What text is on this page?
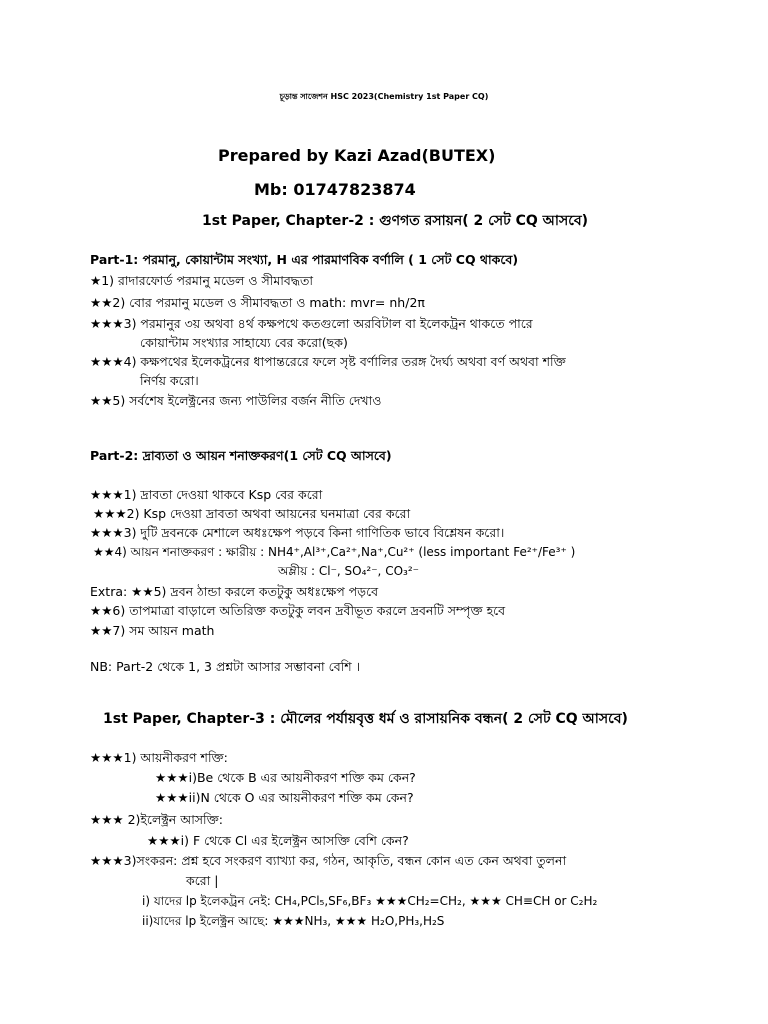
চূড়ান্ত সাজেশন HSC 2023(Chemistry 1st Paper CQ)
Prepared by Kazi Azad(BUTEX)
Mb: 01747823874
1st Paper, Chapter-2 : গুণগত রসায়ন( 2 সেট CQ আসবে)
Part-1: পরমানু, কোয়ান্টাম সংখ্যা, H এর পারমাণবিক বর্ণালি ( 1 সেট CQ থাকবে)
★1) রাদারফোর্ড পরমানু মডেল ও সীমাবদ্ধতা
★★2) বোর পরমানু মডেল ও সীমাবদ্ধতা ও math: mvr= nh/2π
★★★3) পরমানুর ৩য় অথবা ৪র্থ কক্ষপথে কতগুলো অরবিটাল বা ইলেকট্রন থাকতে পারে
কোয়ান্টাম সংখ্যার সাহায্যে বের করো(ছক)
★★★4) কক্ষপথের ইলেকট্রনের ধাপান্তরেরে ফলে সৃষ্ট বর্ণালির তরঙ্গ দৈর্ঘ্য অথবা বর্ণ অথবা শক্তি
নির্ণয় করো।
★★5) সর্বশেষ ইলেক্ট্রনের জন্য পাউলির বর্জন নীতি দেখাও
Part-2: দ্রাব্যতা ও আয়ন শনাক্তকরণ(1 সেট CQ আসবে)
★★★1) দ্রাবতা দেওয়া থাকবে Ksp বের করো
★★★2) Ksp দেওয়া দ্রাবতা অথবা আয়নের ঘনমাত্রা বের করো
★★★3) দুটি দ্রবনকে মেশালে অধঃক্ষেপ পড়বে কিনা গাণিতিক ভাবে বিশ্লেষন করো।
★★4) আয়ন শনাক্তকরণ : ক্ষারীয় : NH4⁺,Al³⁺,Ca²⁺,Na⁺,Cu²⁺ (less important Fe²⁺/Fe³⁺ )
অম্লীয় : Cl⁻, SO₄²⁻, CO₃²⁻
Extra: ★★5) দ্রবন ঠান্ডা করলে কতটুকু অধঃক্ষেপ পড়বে
★★6) তাপমাত্রা বাড়ালে অতিরিক্ত কতটুকু লবন দ্রবীভূত করলে দ্রবনটি সম্পৃক্ত হবে
★★7) সম আয়ন math
NB: Part-2 থেকে 1, 3 প্রশ্নটা আসার সম্ভাবনা বেশি ।
1st Paper, Chapter-3 : মৌলের পর্যায়বৃত্ত ধর্ম ও রাসায়নিক বন্ধন( 2 সেট CQ আসবে)
★★★1) আয়নীকরণ শক্তি:
★★★i)Be থেকে B এর আয়নীকরণ শক্তি কম কেন?
★★★ii)N থেকে O এর আয়নীকরণ শক্তি কম কেন?
★★★ 2)ইলেক্ট্রন আসক্তি:
★★★i) F থেকে Cl এর ইলেক্ট্রন আসক্তি বেশি কেন?
★★★3)সংকরন: প্রশ্ন হবে সংকরণ ব্যাখ্যা কর, গঠন, আকৃতি, বন্ধন কোন এত কেন অথবা তুলনা
করো |
i) যাদের lp ইলেকট্রন নেই: CH₄,PCl₅,SF₆,BF₃ ★★★CH₂=CH₂, ★★★ CH≡CH or C₂H₂
ii)যাদের lp ইলেক্ট্রন আছে: ★★★NH₃, ★★★ H₂O,PH₃,H₂S
